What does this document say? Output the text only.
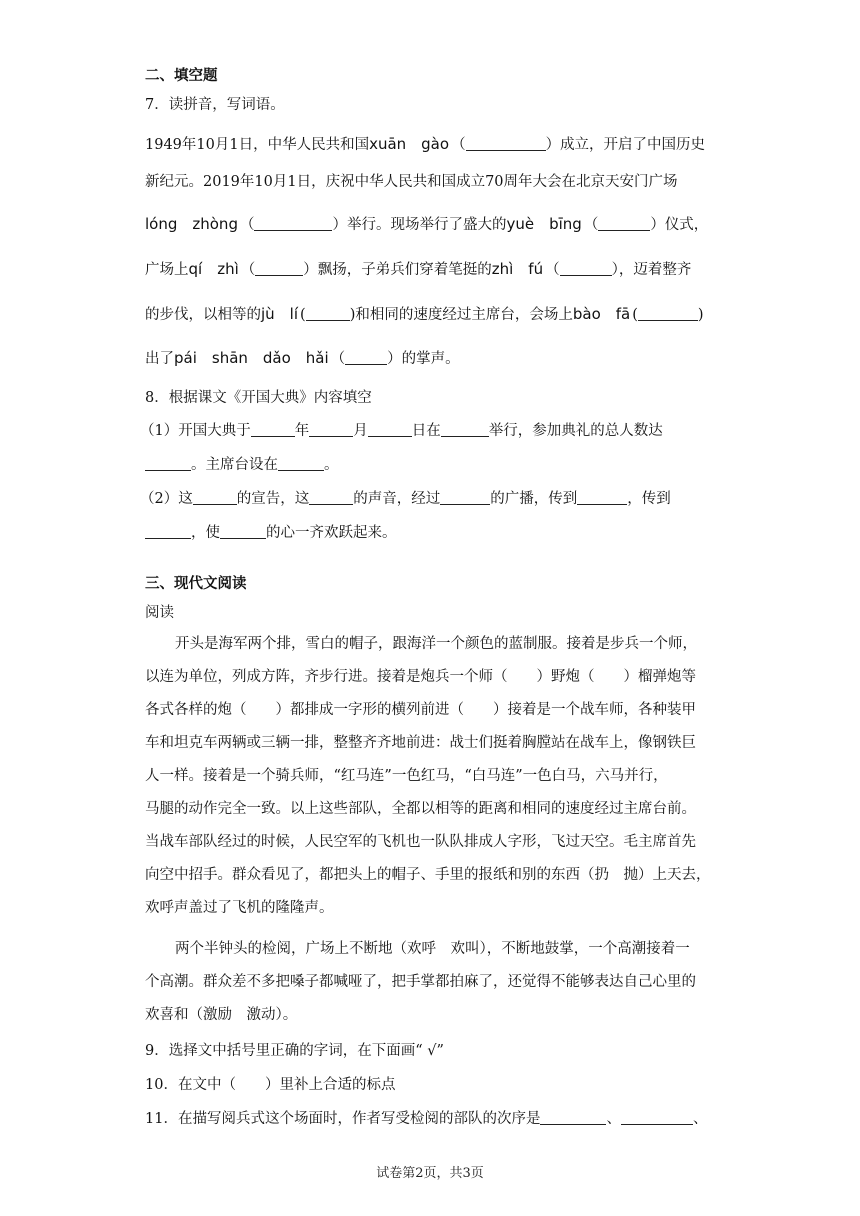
二、填空题
7．读拼音，写词语。
1949年10月1日，中华人民共和国xuān　gào （	）成立，开启了中国历史
新纪元。2019年10月1日，庆祝中华人民共和国成立70周年大会在北京天安门广场
lóng　zhòng （	）举行。现场举行了盛大的yuè　bīng （	）仪式，
广场上qí　zhì （	）飘扬，子弟兵们穿着笔挺的zhì　fú （	），迈着整齐
的步伐，以相等的jù　lí (	)和相同的速度经过主席台，会场上bào　fā (	)
出了pái　shān　dǎo　hǎi （	）的掌声。
8．根据课文《开国大典》内容填空
（1）开国大典于	年	月	日在	举行，参加典礼的总人数达
。主席台设在	。
（2）这	的宣告，这	的声音，经过	的广播，传到	，传到
，使	的心一齐欢跃起来。
三、现代文阅读
阅读
开头是海军两个排，雪白的帽子，跟海洋一个颜色的蓝制服。接着是步兵一个师，
以连为单位，列成方阵，齐步行进。接着是炮兵一个师（　　）野炮（　　）榴弹炮等
各式各样的炮（　　）都排成一字形的横列前进（　　）接着是一个战车师，各种装甲
车和坦克车两辆或三辆一排，整整齐齐地前进：战士们挺着胸膛站在战车上，像钢铁巨
人一样。接着是一个骑兵师，“红马连”一色红马，“白马连”一色白马，六马并行，
马腿的动作完全一致。以上这些部队，全都以相等的距离和相同的速度经过主席台前。
当战车部队经过的时候，人民空军的飞机也一队队排成人字形，飞过天空。毛主席首先
向空中招手。群众看见了，都把头上的帽子、手里的报纸和别的东西（扔　抛）上天去，
欢呼声盖过了飞机的隆隆声。
两个半钟头的检阅，广场上不断地（欢呼　欢叫），不断地鼓掌，一个高潮接着一
个高潮。群众差不多把嗓子都喊哑了，把手掌都拍麻了，还觉得不能够表达自己心里的
欢喜和（激励　激动）。
9．选择文中括号里正确的字词，在下面画“ √”
10．在文中（　　）里补上合适的标点
11．在描写阅兵式这个场面时，作者写受检阅的部队的次序是	、	、
试卷第2页，共3页
